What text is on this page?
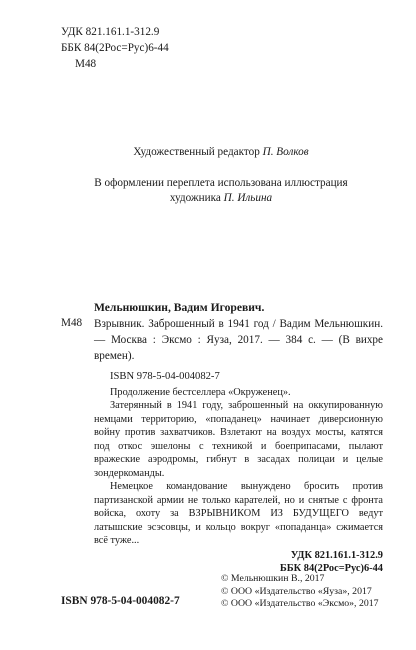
УДК 821.161.1-312.9
ББК 84(2Рос=Рус)6-44
М48
Художественный редактор П. Волков
В оформлении переплета использована иллюстрация
художника П. Ильина
М48
Мельнюшкин, Вадим Игоревич.
Взрывник. Заброшенный в 1941 год / Вадим Мельнюшкин. — Москва : Эксмо : Яуза, 2017. — 384 с. — (В вихре времен).
ISBN 978-5-04-004082-7

Продолжение бестселлера «Окруженец».

Затерянный в 1941 году, заброшенный на оккупированную немцами территорию, «попаданец» начинает диверсионную войну против захватчиков. Взлетают на воздух мосты, катятся под откос эшелоны с техникой и боеприпасами, пылают вражеские аэродромы, гибнут в засадах полицаи и целые зондеркоманды.

Немецкое командование вынуждено бросить против партизанской армии не только карателей, но и снятые с фронта войска, охоту за ВЗРЫВНИКОМ ИЗ БУДУЩЕГО ведут латышские эсэсовцы, и кольцо вокруг «попаданца» сжимается всё туже...

УДК 821.161.1-312.9
ББК 84(2Рос=Рус)6-44
© Мельнюшкин В., 2017
© ООО «Издательство «Яуза», 2017
© ООО «Издательство «Эксмо», 2017
ISBN 978-5-04-004082-7
